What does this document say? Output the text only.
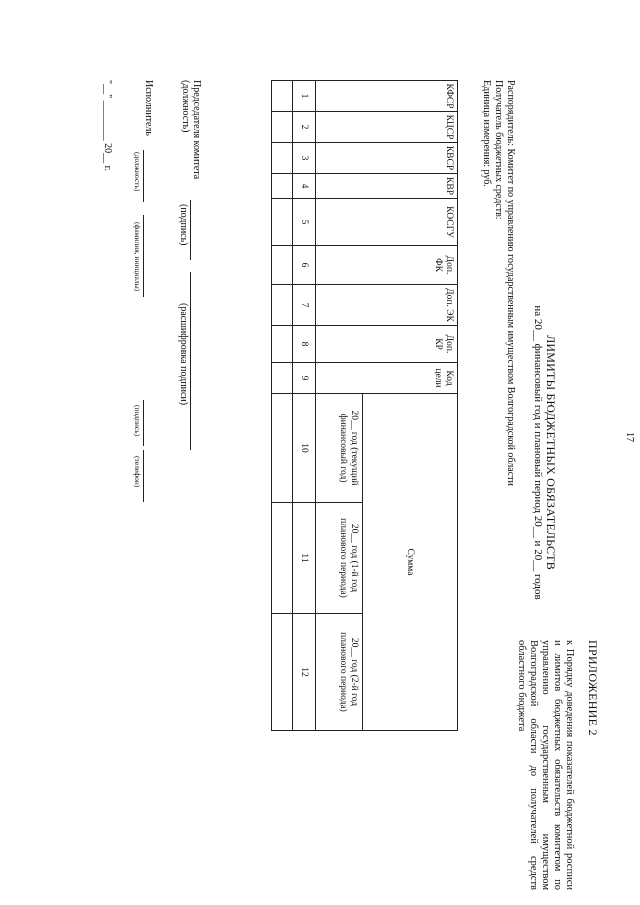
17
ПРИЛОЖЕНИЕ 2
к Порядку доведения показателей бюджетной росписи и лимитов бюджетных обязательств комитетом по управлению государственным имуществом Волгоградской области до получателей средств областного бюджета
ЛИМИТЫ БЮДЖЕТНЫХ ОБЯЗАТЕЛЬСТВ
на 20__ финансовый год и плановый период 20__ и 20__ годов
Распорядитель: Комитет по управлению государственным имуществом Волгоградской области
Получатель бюджетных средств:
Единица измерения: руб.
КФСР	КЦСР	КВСР	КВР	КОСГУ	Доп. ФК	Доп. ЭК	Доп. КР	Код цели	Сумма		
									20__ год (текущий финансовый год)	20__ год (1-й год планового периода)	20__ год (2-й год планового периода)
1	2	3	4	5	6	7	8	9	10	11	12

Председателя комитета
(должность)
(подпись)
(расшифровка подписи)
Исполнитель
(должность)
(фамилия, инициалы)
(подпись)
(телефон)
"__" ________ 20__ г.
